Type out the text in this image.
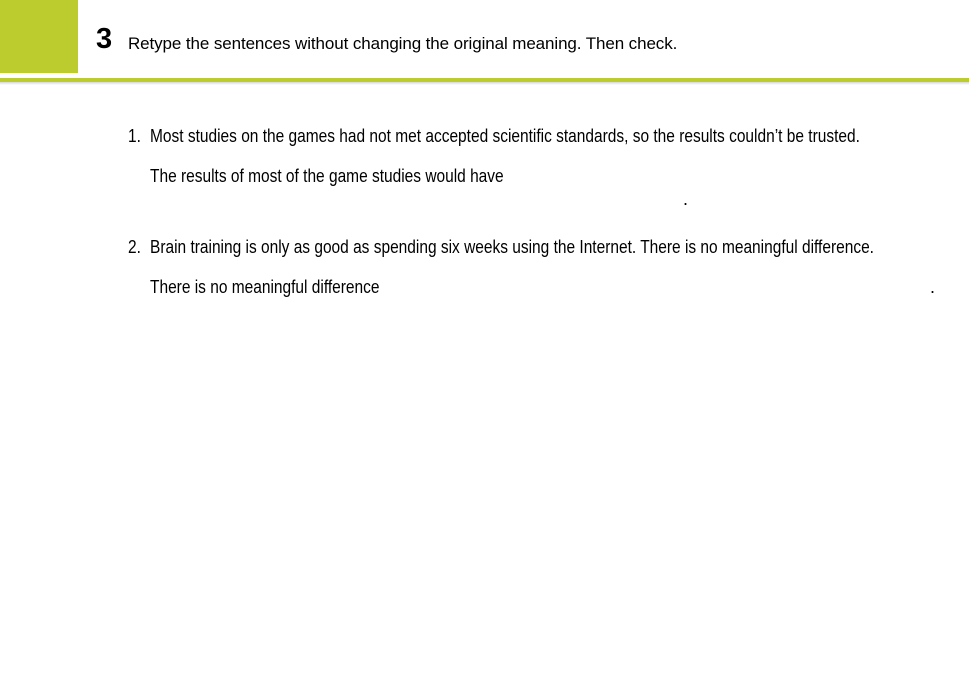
3 Retype the sentences without changing the original meaning. Then check.
1. Most studies on the games had not met accepted scientific standards, so the results couldn’t be trusted.
The results of most of the game studies would have
.
2. Brain training is only as good as spending six weeks using the Internet. There is no meaningful difference.
There is no meaningful difference	.
